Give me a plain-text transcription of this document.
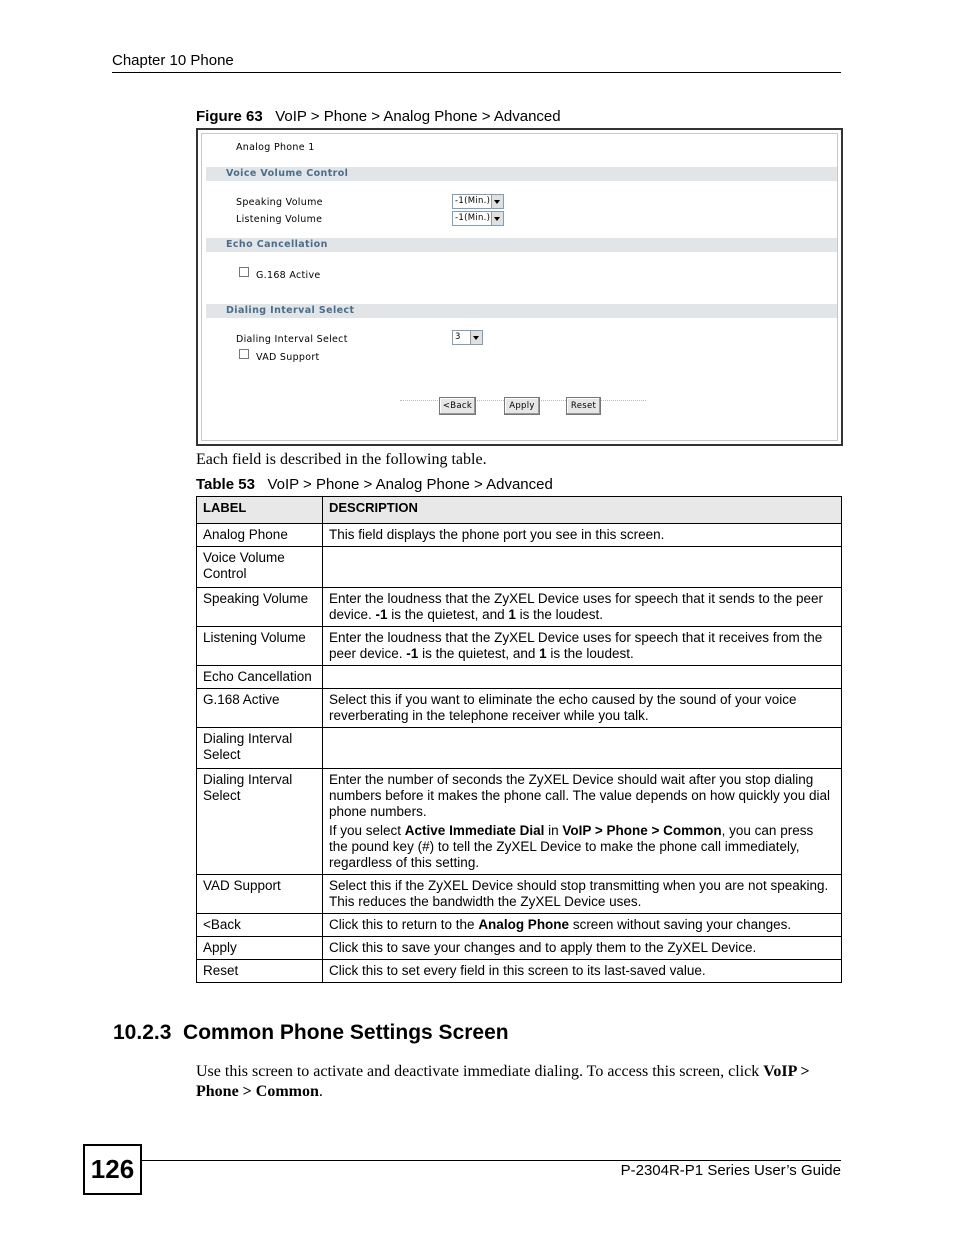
Chapter 10 Phone
Figure 63 VoIP > Phone > Analog Phone > Advanced
Analog Phone 1
Voice Volume Control
Speaking Volume	-1(Min.)
Listening Volume	-1(Min.)
Echo Cancellation
G.168 Active
Dialing Interval Select
Dialing Interval Select	3
VAD Support
<Back	Apply	Reset
Each field is described in the following table.
Table 53 VoIP > Phone > Analog Phone > Advanced
LABEL	DESCRIPTION
Analog Phone	This field displays the phone port you see in this screen.
Voice Volume Control	
Speaking Volume	Enter the loudness that the ZyXEL Device uses for speech that it sends to the peer device. -1 is the quietest, and 1 is the loudest.
Listening Volume	Enter the loudness that the ZyXEL Device uses for speech that it receives from the peer device. -1 is the quietest, and 1 is the loudest.
Echo Cancellation	
G.168 Active	Select this if you want to eliminate the echo caused by the sound of your voice reverberating in the telephone receiver while you talk.
Dialing Interval Select	
Dialing Interval Select	Enter the number of seconds the ZyXEL Device should wait after you stop dialing numbers before it makes the phone call. The value depends on how quickly you dial phone numbers.

If you select Active Immediate Dial in VoIP > Phone > Common, you can press the pound key (#) to tell the ZyXEL Device to make the phone call immediately, regardless of this setting.

VAD Support	Select this if the ZyXEL Device should stop transmitting when you are not speaking. This reduces the bandwidth the ZyXEL Device uses.
<Back	Click this to return to the Analog Phone screen without saving your changes.
Apply	Click this to save your changes and to apply them to the ZyXEL Device.
Reset	Click this to set every field in this screen to its last-saved value.
10.2.3  Common Phone Settings Screen
Use this screen to activate and deactivate immediate dialing. To access this screen, click VoIP > Phone > Common.
126	P-2304R-P1 Series User’s Guide
